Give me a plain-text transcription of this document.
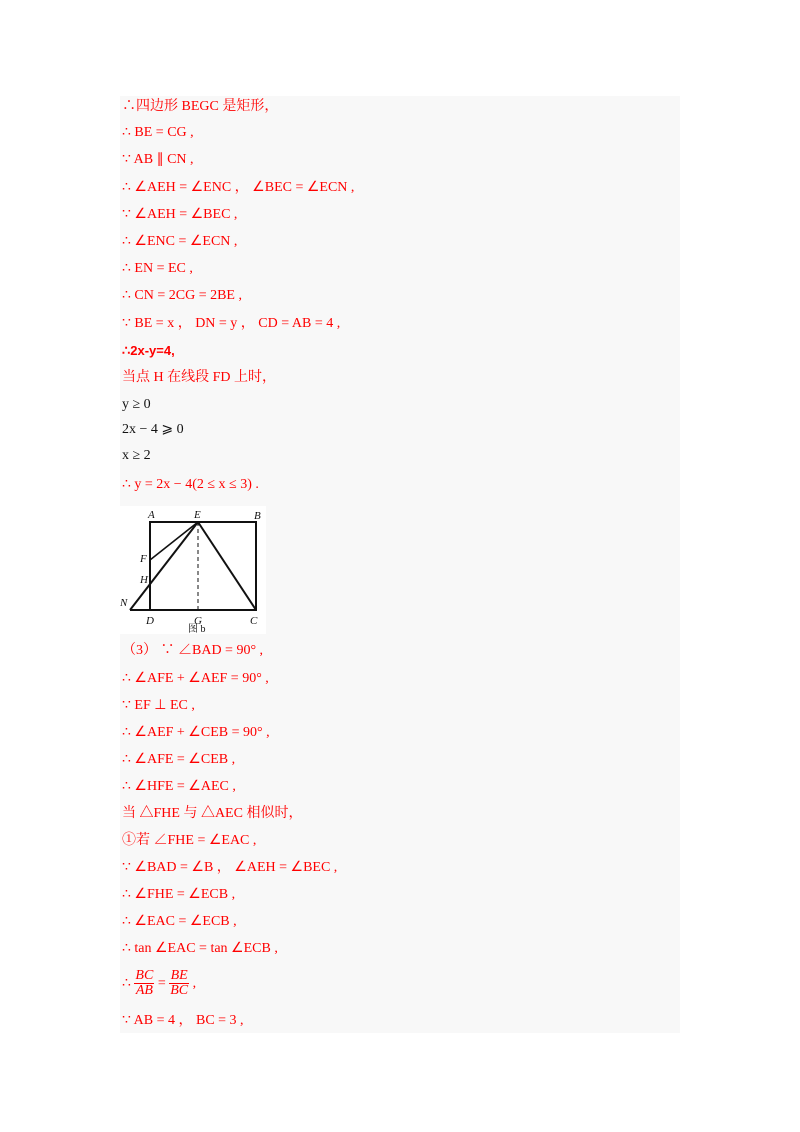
∴四边形 BEGC 是矩形，
∴ BE = CG ,
∵ AB ∥ CN ,
∴ ∠AEH = ∠ENC ， ∠BEC = ∠ECN ,
∵ ∠AEH = ∠BEC ,
∴ ∠ENC = ∠ECN ,
∴ EN = EC ,
∴ CN = 2CG = 2BE ,
∵ BE = x ， DN = y ， CD = AB = 4 ,
∴2x-y=4,
当点 H 在线段 FD 上时，
y ≥ 0
2x − 4 ⩾ 0
x ≥ 2
∴ y = 2x − 4(2 ≤ x ≤ 3) .
A	E	B
F
H
N
D	G	C
图 b
（3） ∵ ∠BAD = 90° ,
∴ ∠AFE + ∠AEF = 90° ,
∵ EF ⊥ EC ,
∴ ∠AEF + ∠CEB = 90° ,
∴ ∠AFE = ∠CEB ,
∴ ∠HFE = ∠AEC ,
当 △FHE 与 △AEC 相似时，
①若 ∠FHE = ∠EAC ,
∵ ∠BAD = ∠B ， ∠AEH = ∠BEC ,
∴ ∠FHE = ∠ECB ,
∴ ∠EAC = ∠ECB ,
∴ tan ∠EAC = tan ∠ECB ,
∴ $\frac{BC}{AB} = \frac{BE}{BC}$ ,
∵ AB = 4 ， BC = 3 ,
